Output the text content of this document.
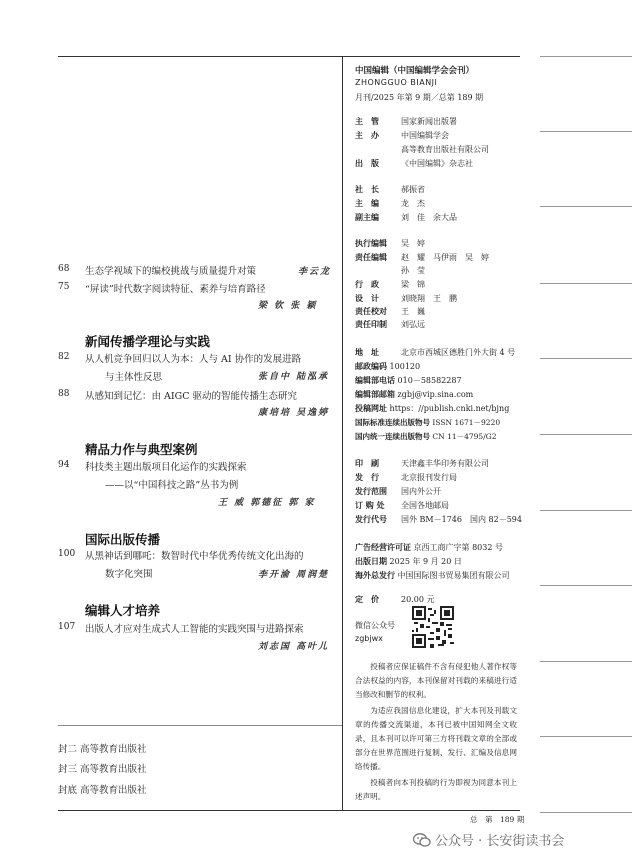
68 生态学视域下的编校挑战与质量提升对策	李云龙
75 “屏读”时代数字阅读特征、素养与培育路径
梁 钦 张 颖
新闻传播学理论与实践
82 从人机竞争回归以人为本：人与 AI 协作的发展进路
与主体性反思	张自中 陆泓承
88 从感知到记忆：由 AIGC 驱动的智能传播生态研究
康培培 吴逸婷
精品力作与典型案例
94 科技类主题出版项目化运作的实践探索
——以“中国科技之路”丛书为例
王 威 郭德征 郭 家
国际出版传播
100 从黑神话到哪吒：数智时代中华优秀传统文化出海的
数字化突围	李开渝 周润楚
编辑人才培养
107 出版人才应对生成式人工智能的实践突围与进路探索
刘志国 高叶儿
封二 高等教育出版社
封三 高等教育出版社
封底 高等教育出版社
中国编辑（中国编辑学会会刊）
ZHONGGUO BIANJI
月刊/2025 年第 9 期／总第 189 期
主　管	国家新闻出版署
主　办	中国编辑学会
高等教育出版社有限公司
出　版	《中国编辑》杂志社
社　长	郝振省
主　编	龙　杰
副主编	刘　佳　余大品
执行编辑 吴　婷
责任编辑 赵　耀　马伊雨　吴　婷
孙　莹
行　政	梁　锦
设　计	刘晓翔　王　鹏
责任校对 王　巍
责任印制 刘弘远
地　址	北京市西城区德胜门外大街 4 号
邮政编码 100120
编辑部电话 010－58582287
编辑部邮箱 zgbj@vip.sina.com
投稿网址 https：//publish.cnki.net/bjng
国际标准连续出版物号 ISSN 1671－9220
国内统一连续出版物号 CN 11－4795/G2
印　刷	天津鑫丰华印务有限公司
发　行	北京报刊发行局
发行范围 国内外公开
订 购 处 全国各地邮局
发行代号 国外 BM－1746　国内 82－594
广告经营许可证 京西工商广字第 8032 号
出版日期 2025 年 9 月 20 日
海外总发行 中国国际图书贸易集团有限公司
定　价	20.00 元
微信公众号
zgbjwx

投稿者应保证稿件不含有侵犯他人著作权等合法权益的内容，本刊保留对刊载的来稿进行适当修改和删节的权利。

为适应我国信息化建设，扩大本刊及刊载文章的传播交流渠道，本刊已被中国知网全文收录，且本刊可以许可第三方将刊载文章的全部或部分在世界范围进行复制、发行、汇编及信息网络传播。

投稿者向本刊投稿的行为即视为同意本刊上述声明。

总　第　189 期
公众号 · 长安街读书会
